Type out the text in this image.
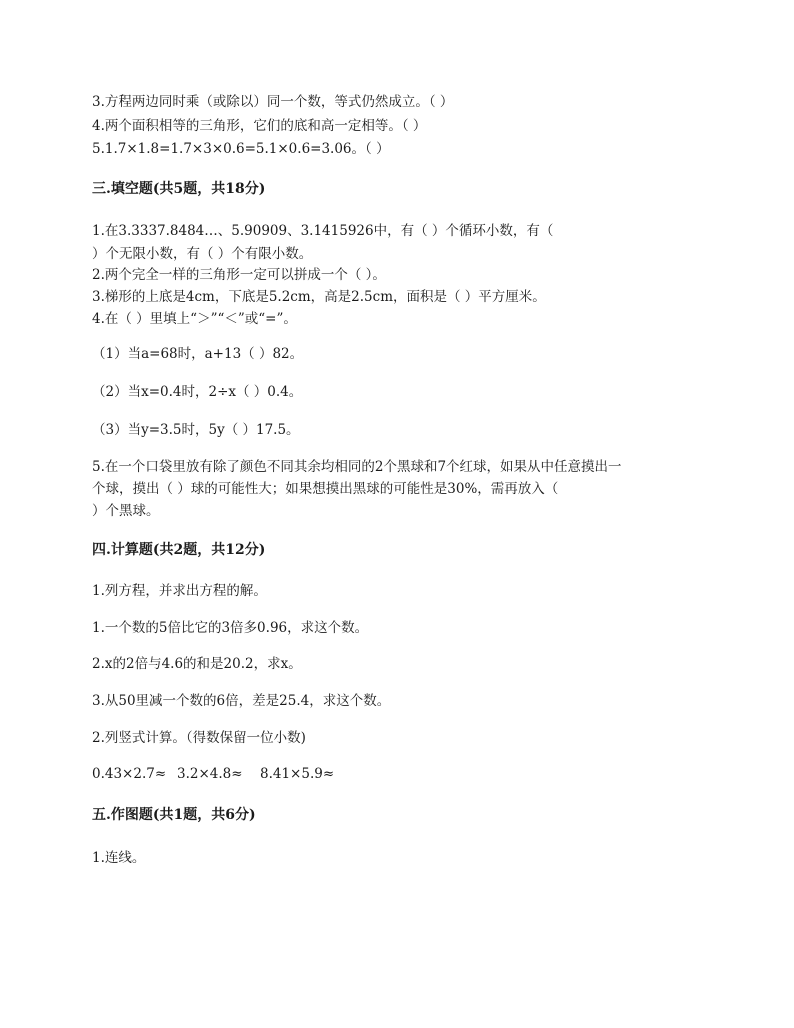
3.方程两边同时乘（或除以）同一个数，等式仍然成立。（ ）
4.两个面积相等的三角形，它们的底和高一定相等。（ ）
5.1.7×1.8=1.7×3×0.6=5.1×0.6=3.06。（ ）
三.填空题(共5题，共18分)
1.在3.3337.8484…、5.90909、3.1415926中，有（ ）个循环小数，有（
）个无限小数，有（ ）个有限小数。
2.两个完全一样的三角形一定可以拼成一个（ ）。
3.梯形的上底是4cm，下底是5.2cm，高是2.5cm，面积是（ ）平方厘米。
4.在（ ）里填上“＞”“＜”或“=”。
（1）当a=68时，a+13（ ）82。
（2）当x=0.4时，2÷x（ ）0.4。
（3）当y=3.5时，5y（ ）17.5。
5.在一个口袋里放有除了颜色不同其余均相同的2个黑球和7个红球，如果从中任意摸出一
个球，摸出（ ）球的可能性大；如果想摸出黑球的可能性是30%，需再放入（
）个黑球。
四.计算题(共2题，共12分)
1.列方程，并求出方程的解。
1.一个数的5倍比它的3倍多0.96，求这个数。
2.x的2倍与4.6的和是20.2，求x。
3.从50里减一个数的6倍，差是25.4，求这个数。
2.列竖式计算。（得数保留一位小数)
0.43×2.7≈ 3.2×4.8≈ 8.41×5.9≈
五.作图题(共1题，共6分)
1.连线。
